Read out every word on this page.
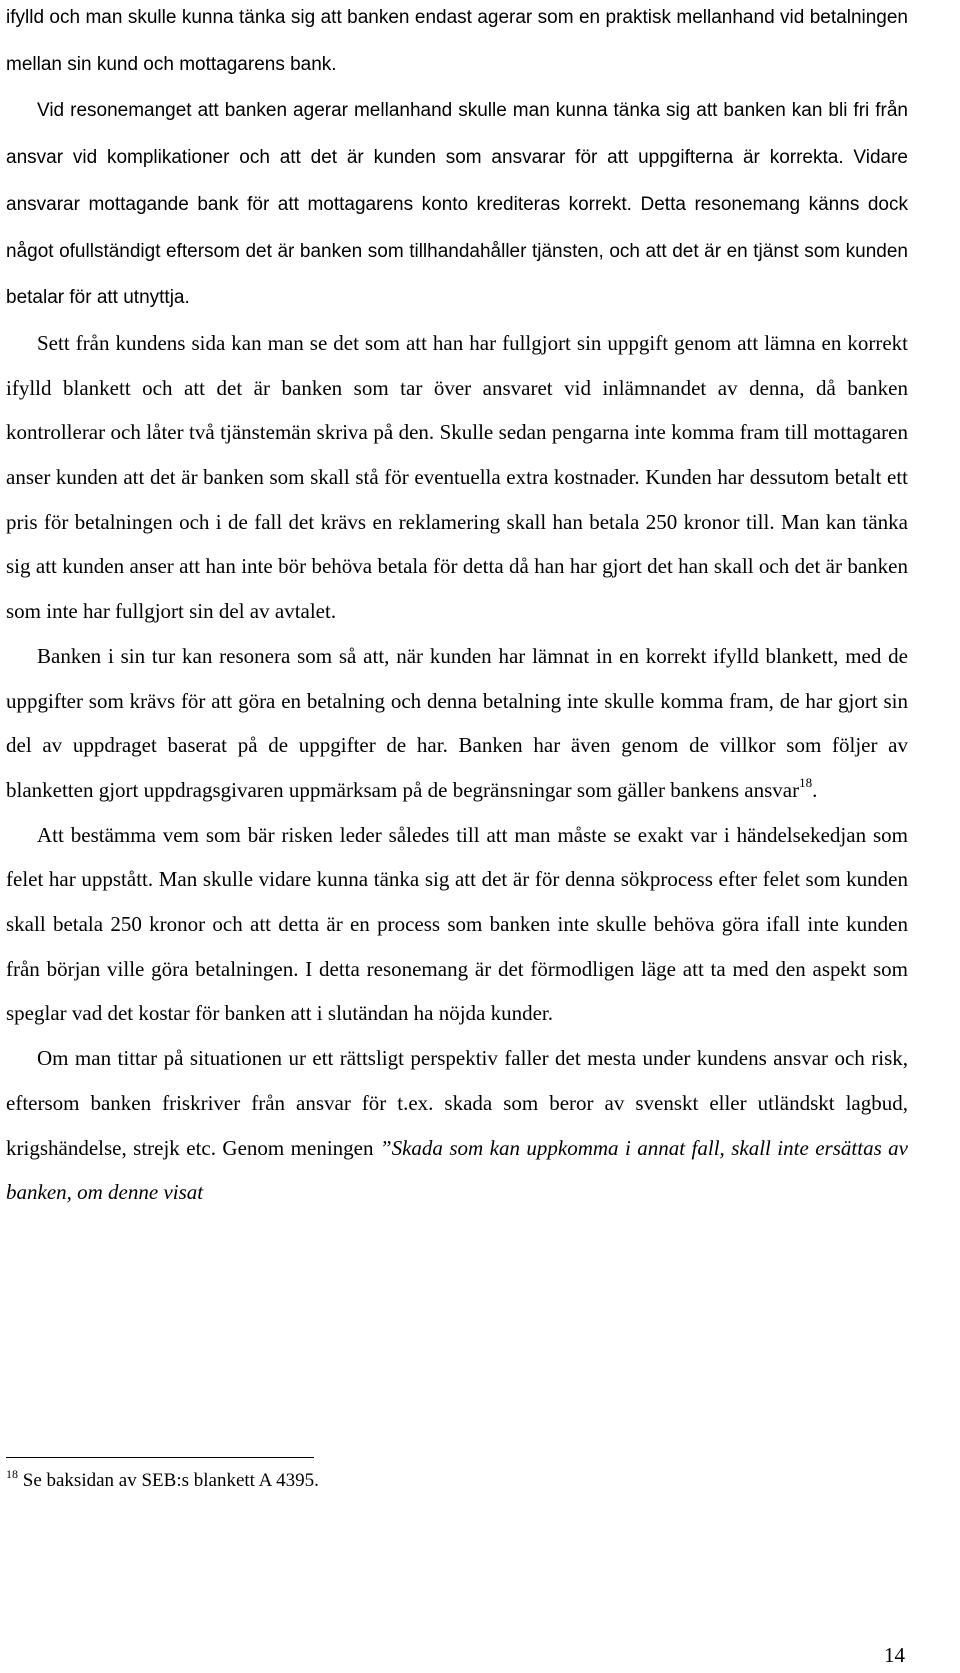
ifylld och man skulle kunna tänka sig att banken endast agerar som en praktisk mellanhand vid betalningen mellan sin kund och mottagarens bank.

Vid resonemanget att banken agerar mellanhand skulle man kunna tänka sig att banken kan bli fri från ansvar vid komplikationer och att det är kunden som ansvarar för att uppgifterna är korrekta. Vidare ansvarar mottagande bank för att mottagarens konto krediteras korrekt. Detta resonemang känns dock något ofullständigt eftersom det är banken som tillhandahåller tjänsten, och att det är en tjänst som kunden betalar för att utnyttja.

Sett från kundens sida kan man se det som att han har fullgjort sin uppgift genom att lämna en korrekt ifylld blankett och att det är banken som tar över ansvaret vid inlämnandet av denna, då banken kontrollerar och låter två tjänstemän skriva på den. Skulle sedan pengarna inte komma fram till mottagaren anser kunden att det är banken som skall stå för eventuella extra kostnader. Kunden har dessutom betalt ett pris för betalningen och i de fall det krävs en reklamering skall han betala 250 kronor till. Man kan tänka sig att kunden anser att han inte bör behöva betala för detta då han har gjort det han skall och det är banken som inte har fullgjort sin del av avtalet.

Banken i sin tur kan resonera som så att, när kunden har lämnat in en korrekt ifylld blankett, med de uppgifter som krävs för att göra en betalning och denna betalning inte skulle komma fram, de har gjort sin del av uppdraget baserat på de uppgifter de har. Banken har även genom de villkor som följer av blanketten gjort uppdragsgivaren uppmärksam på de begränsningar som gäller bankens ansvar$^{18}$.

Att bestämma vem som bär risken leder således till att man måste se exakt var i händelsekedjan som felet har uppstått. Man skulle vidare kunna tänka sig att det är för denna sökprocess efter felet som kunden skall betala 250 kronor och att detta är en process som banken inte skulle behöva göra ifall inte kunden från början ville göra betalningen. I detta resonemang är det förmodligen läge att ta med den aspekt som speglar vad det kostar för banken att i slutändan ha nöjda kunder.

Om man tittar på situationen ur ett rättsligt perspektiv faller det mesta under kundens ansvar och risk, eftersom banken friskriver från ansvar för t.ex. skada som beror av svenskt eller utländskt lagbud, krigshändelse, strejk etc. Genom meningen ”Skada som kan uppkomma i annat fall, skall inte ersättas av banken, om denne visat

$^{18}$ Se baksidan av SEB:s blankett A 4395.
14
